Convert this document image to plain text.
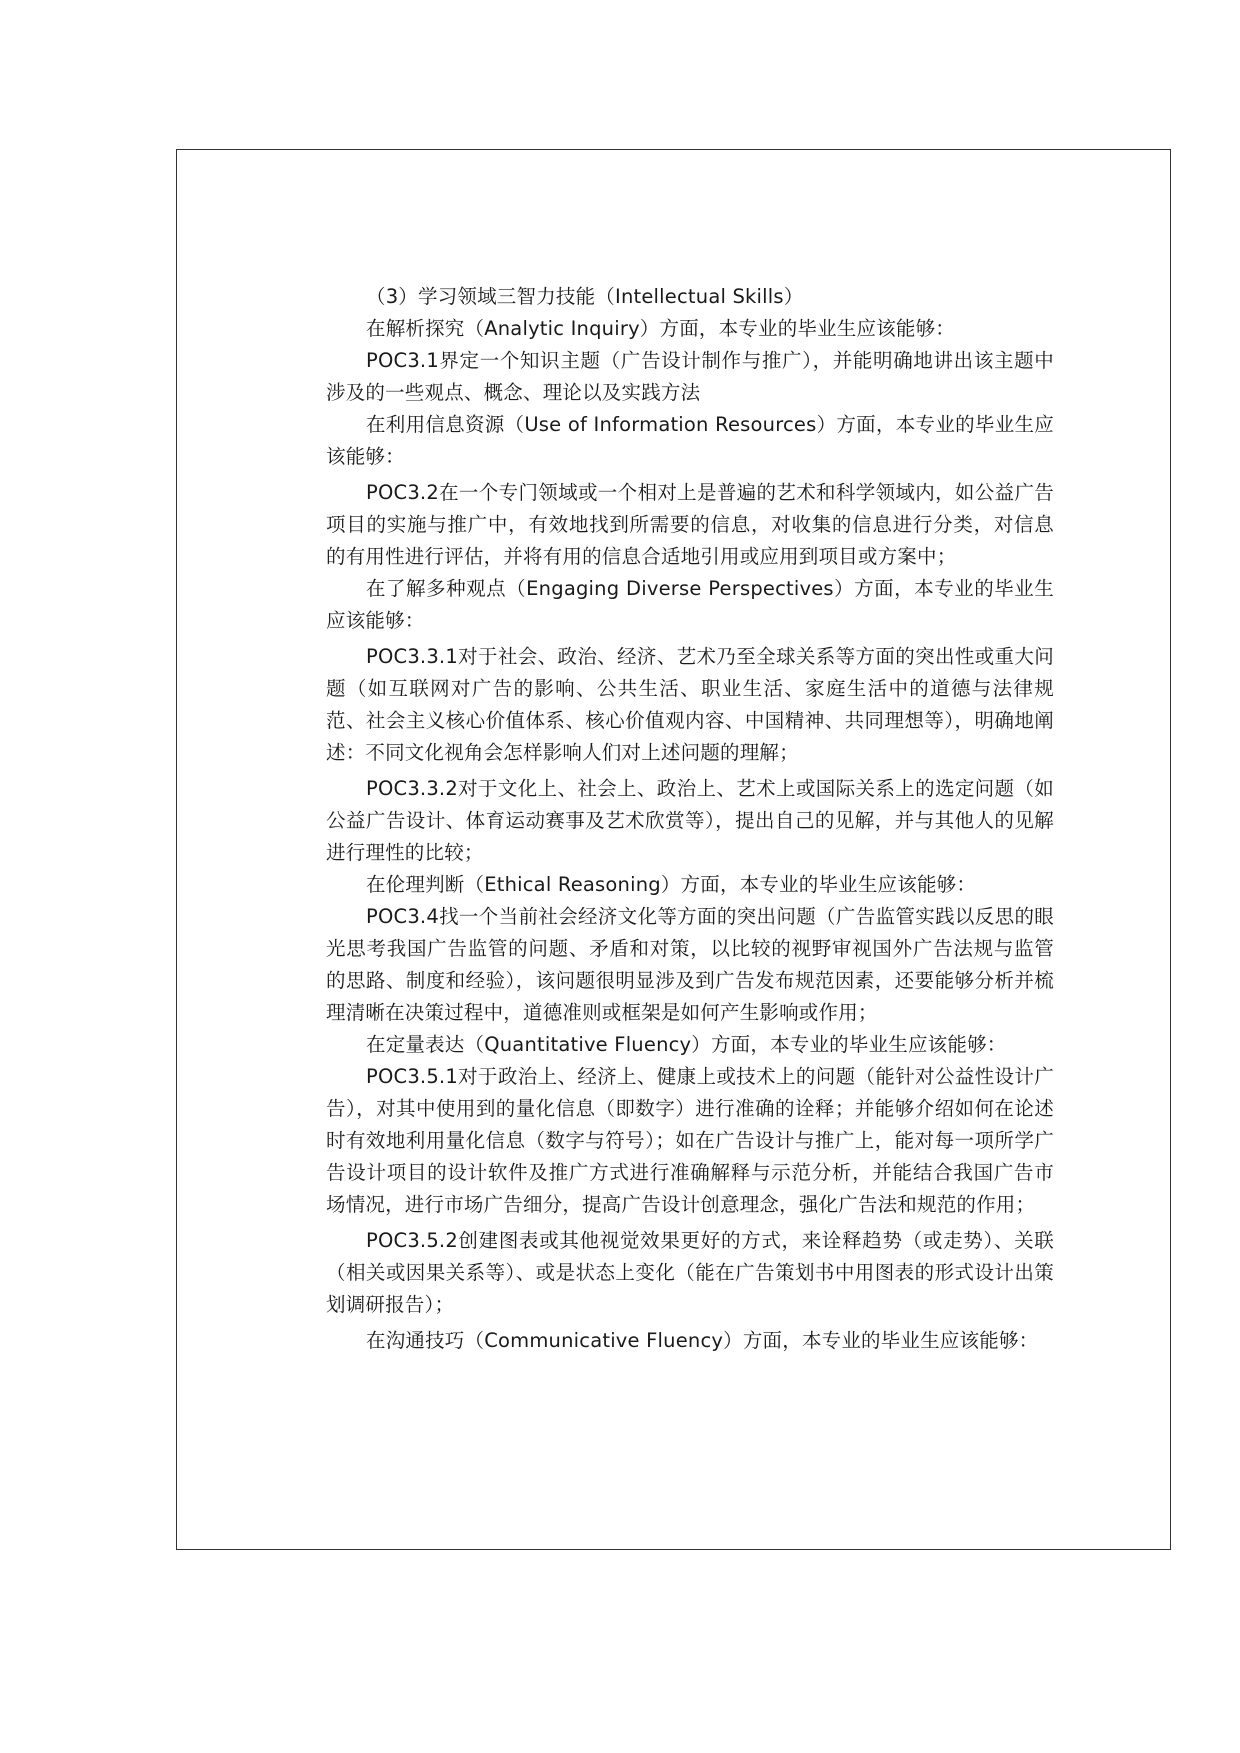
（3）学习领域三智力技能（Intellectual Skills）

在解析探究（Analytic Inquiry）方面，本专业的毕业生应该能够：

POC3.1界定一个知识主题（广告设计制作与推广），并能明确地讲出该主题中涉及的一些观点、概念、理论以及实践方法

在利用信息资源（Use of Information Resources）方面，本专业的毕业生应该能够：

POC3.2在一个专门领域或一个相对上是普遍的艺术和科学领域内，如公益广告项目的实施与推广中，有效地找到所需要的信息，对收集的信息进行分类，对信息的有用性进行评估，并将有用的信息合适地引用或应用到项目或方案中；

在了解多种观点（Engaging Diverse Perspectives）方面，本专业的毕业生应该能够：

POC3.3.1对于社会、政治、经济、艺术乃至全球关系等方面的突出性或重大问题（如互联网对广告的影响、公共生活、职业生活、家庭生活中的道德与法律规范、社会主义核心价值体系、核心价值观内容、中国精神、共同理想等），明确地阐述：不同文化视角会怎样影响人们对上述问题的理解；

POC3.3.2对于文化上、社会上、政治上、艺术上或国际关系上的选定问题（如公益广告设计、体育运动赛事及艺术欣赏等），提出自己的见解，并与其他人的见解进行理性的比较；

在伦理判断（Ethical Reasoning）方面，本专业的毕业生应该能够：

POC3.4找一个当前社会经济文化等方面的突出问题（广告监管实践以反思的眼光思考我国广告监管的问题、矛盾和对策，以比较的视野审视国外广告法规与监管的思路、制度和经验），该问题很明显涉及到广告发布规范因素，还要能够分析并梳理清晰在决策过程中，道德准则或框架是如何产生影响或作用；

在定量表达（Quantitative Fluency）方面，本专业的毕业生应该能够：

POC3.5.1对于政治上、经济上、健康上或技术上的问题（能针对公益性设计广告），对其中使用到的量化信息（即数字）进行准确的诠释；并能够介绍如何在论述时有效地利用量化信息（数字与符号）；如在广告设计与推广上，能对每一项所学广告设计项目的设计软件及推广方式进行准确解释与示范分析，并能结合我国广告市场情况，进行市场广告细分，提高广告设计创意理念，强化广告法和规范的作用；

POC3.5.2创建图表或其他视觉效果更好的方式，来诠释趋势（或走势）、关联（相关或因果关系等）、或是状态上变化（能在广告策划书中用图表的形式设计出策划调研报告）；

在沟通技巧（Communicative Fluency）方面，本专业的毕业生应该能够：
